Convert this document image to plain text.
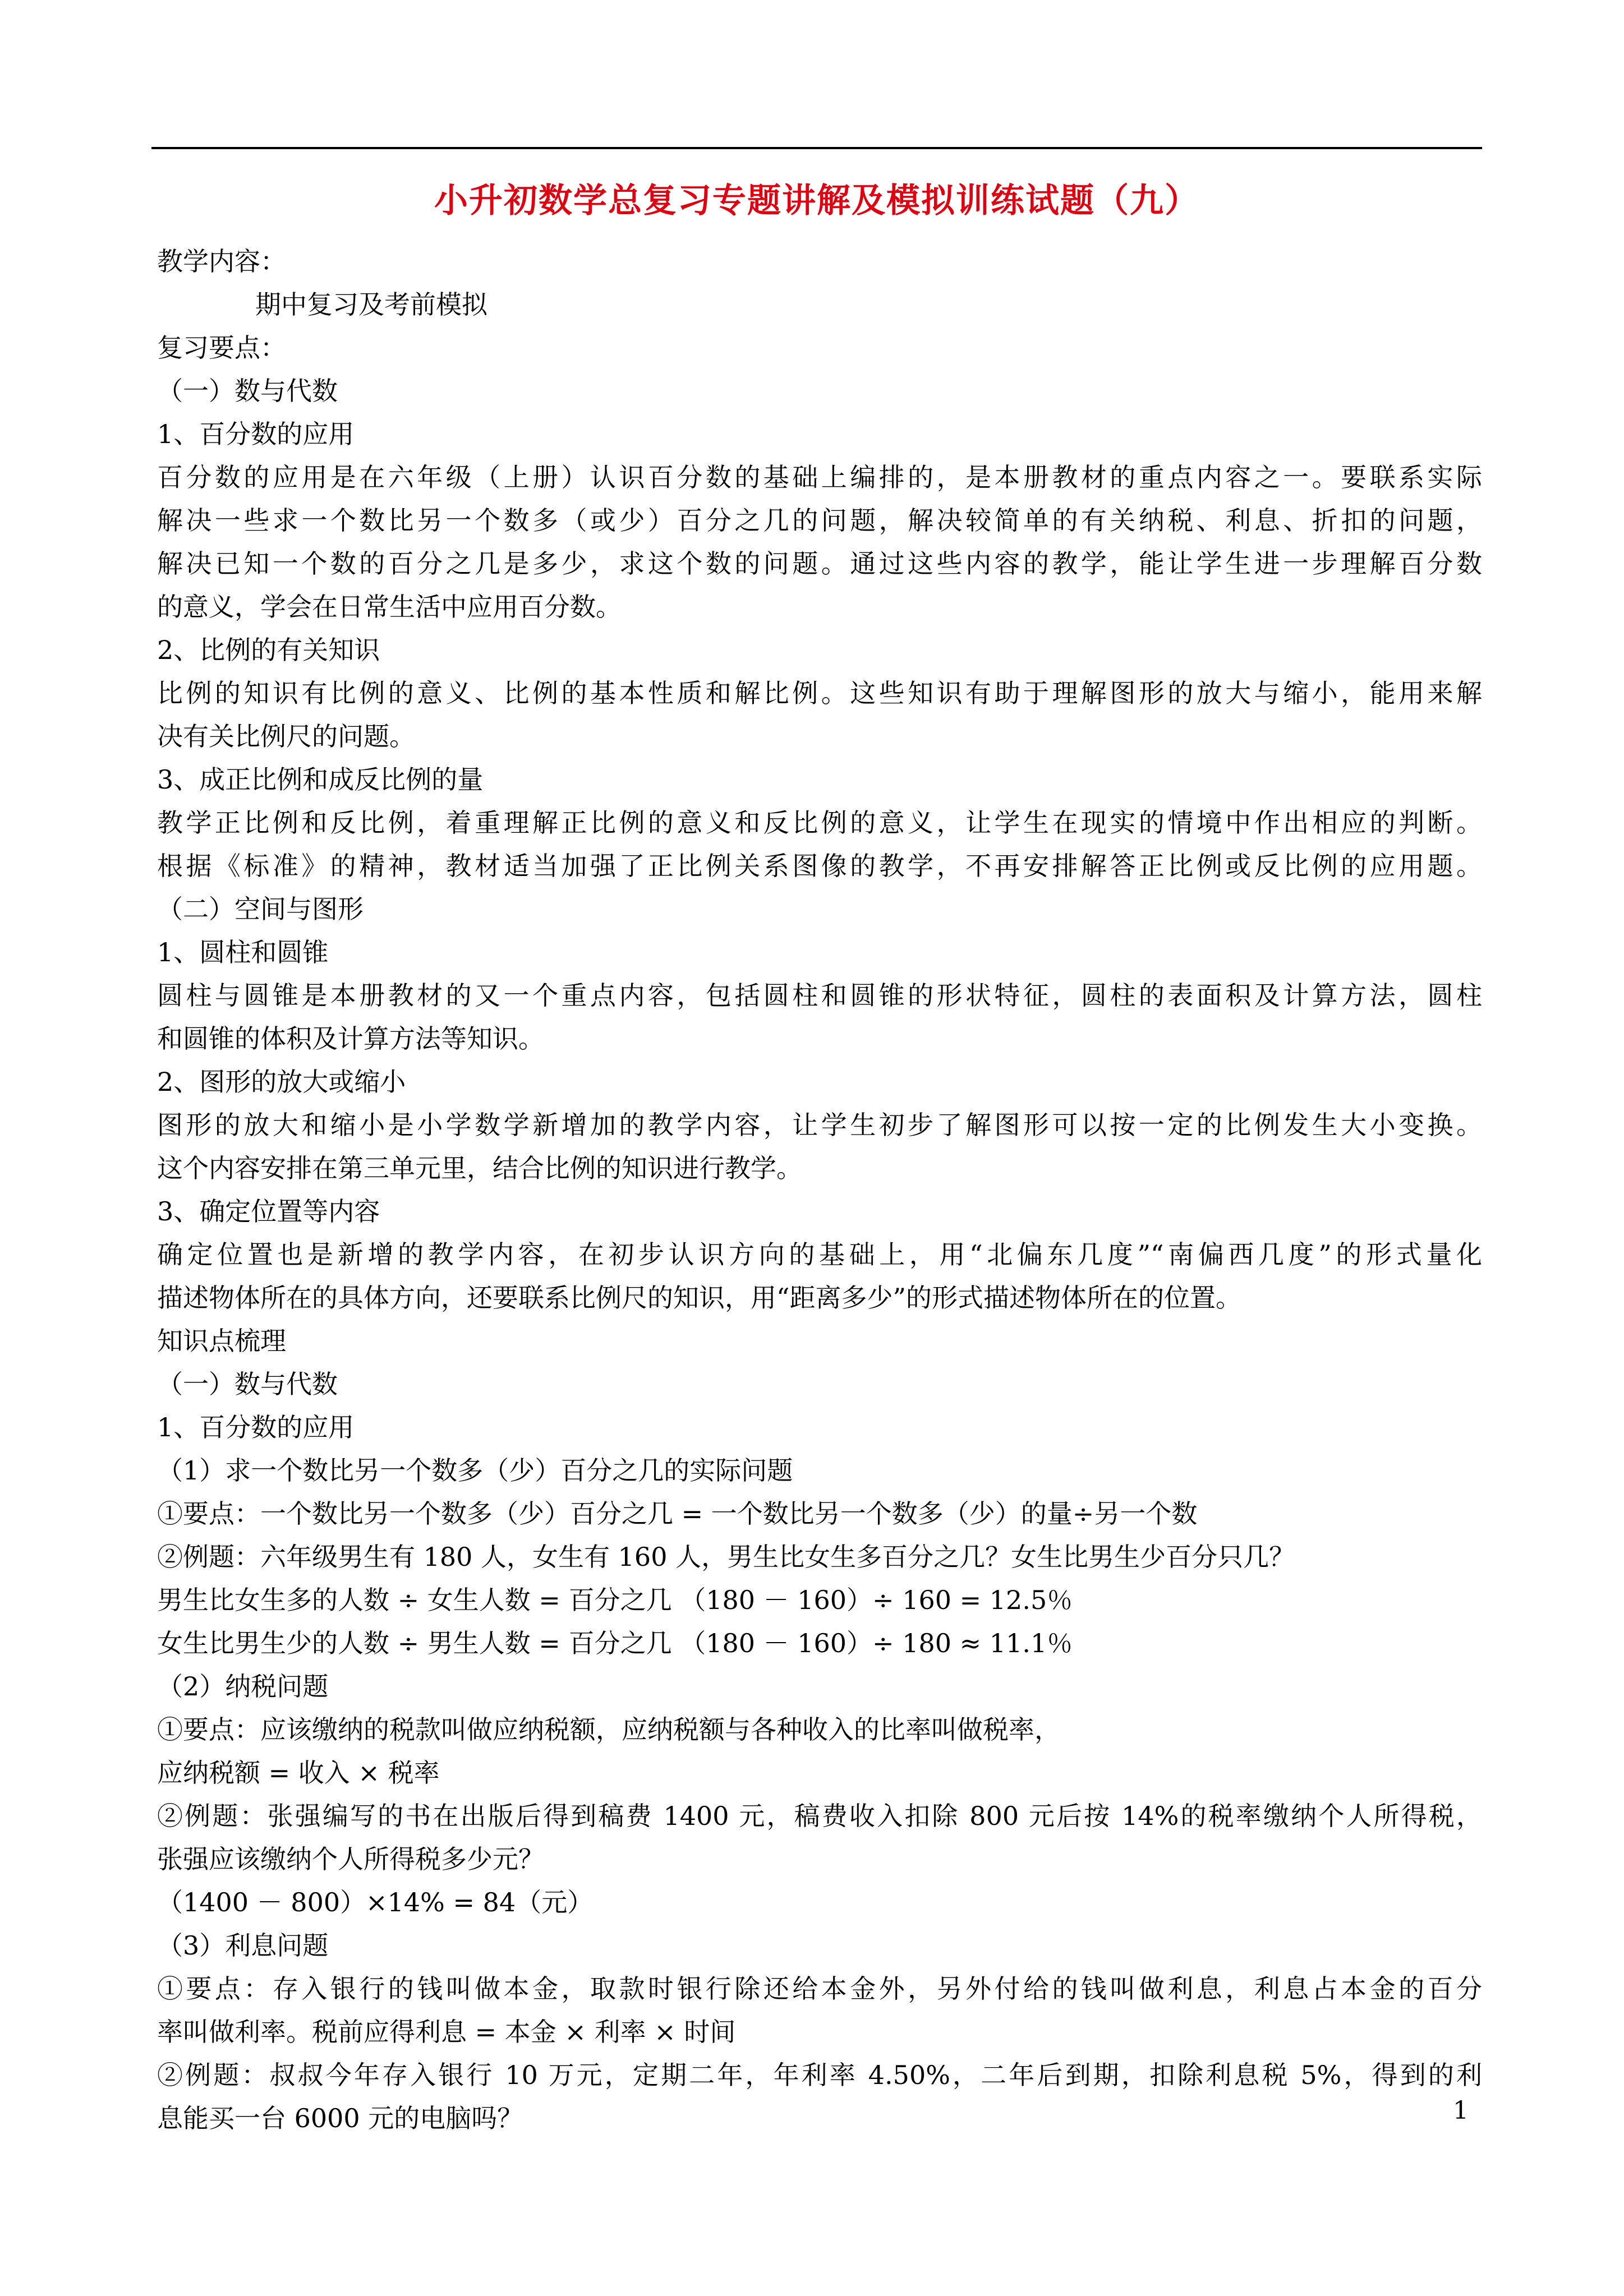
小升初数学总复习专题讲解及模拟训练试题（九）
教学内容：
期中复习及考前模拟
复习要点：
（一）数与代数
1、百分数的应用
百分数的应用是在六年级（上册）认识百分数的基础上编排的，是本册教材的重点内容之一。要联系实际
解决一些求一个数比另一个数多（或少）百分之几的问题，解决较简单的有关纳税、利息、折扣的问题，
解决已知一个数的百分之几是多少，求这个数的问题。通过这些内容的教学，能让学生进一步理解百分数
的意义，学会在日常生活中应用百分数。
2、比例的有关知识
比例的知识有比例的意义、比例的基本性质和解比例。这些知识有助于理解图形的放大与缩小，能用来解
决有关比例尺的问题。
3、成正比例和成反比例的量
教学正比例和反比例，着重理解正比例的意义和反比例的意义，让学生在现实的情境中作出相应的判断。
根据《标准》的精神，教材适当加强了正比例关系图像的教学，不再安排解答正比例或反比例的应用题。
（二）空间与图形
1、圆柱和圆锥
圆柱与圆锥是本册教材的又一个重点内容，包括圆柱和圆锥的形状特征，圆柱的表面积及计算方法，圆柱
和圆锥的体积及计算方法等知识。
2、图形的放大或缩小
图形的放大和缩小是小学数学新增加的教学内容，让学生初步了解图形可以按一定的比例发生大小变换。
这个内容安排在第三单元里，结合比例的知识进行教学。
3、确定位置等内容
确定位置也是新增的教学内容，在初步认识方向的基础上，用“北偏东几度”“南偏西几度”的形式量化
描述物体所在的具体方向，还要联系比例尺的知识，用“距离多少”的形式描述物体所在的位置。
知识点梳理
（一）数与代数
1、百分数的应用
（1）求一个数比另一个数多（少）百分之几的实际问题
①要点：一个数比另一个数多（少）百分之几 = 一个数比另一个数多（少）的量÷另一个数
②例题：六年级男生有 180 人，女生有 160 人，男生比女生多百分之几？女生比男生少百分只几？
男生比女生多的人数 ÷ 女生人数 = 百分之几 （180 － 160）÷ 160 = 12.5％
女生比男生少的人数 ÷ 男生人数 = 百分之几 （180 － 160）÷ 180 ≈ 11.1％
（2）纳税问题
①要点：应该缴纳的税款叫做应纳税额，应纳税额与各种收入的比率叫做税率，
应纳税额 = 收入 × 税率
②例题：张强编写的书在出版后得到稿费 1400 元，稿费收入扣除 800 元后按 14%的税率缴纳个人所得税，
张强应该缴纳个人所得税多少元？
（1400 － 800）×14% = 84（元）
（3）利息问题
①要点：存入银行的钱叫做本金，取款时银行除还给本金外，另外付给的钱叫做利息，利息占本金的百分
率叫做利率。税前应得利息 = 本金 × 利率 × 时间
②例题：叔叔今年存入银行 10 万元，定期二年，年利率 4.50%，二年后到期，扣除利息税 5%，得到的利
息能买一台 6000 元的电脑吗？	1
